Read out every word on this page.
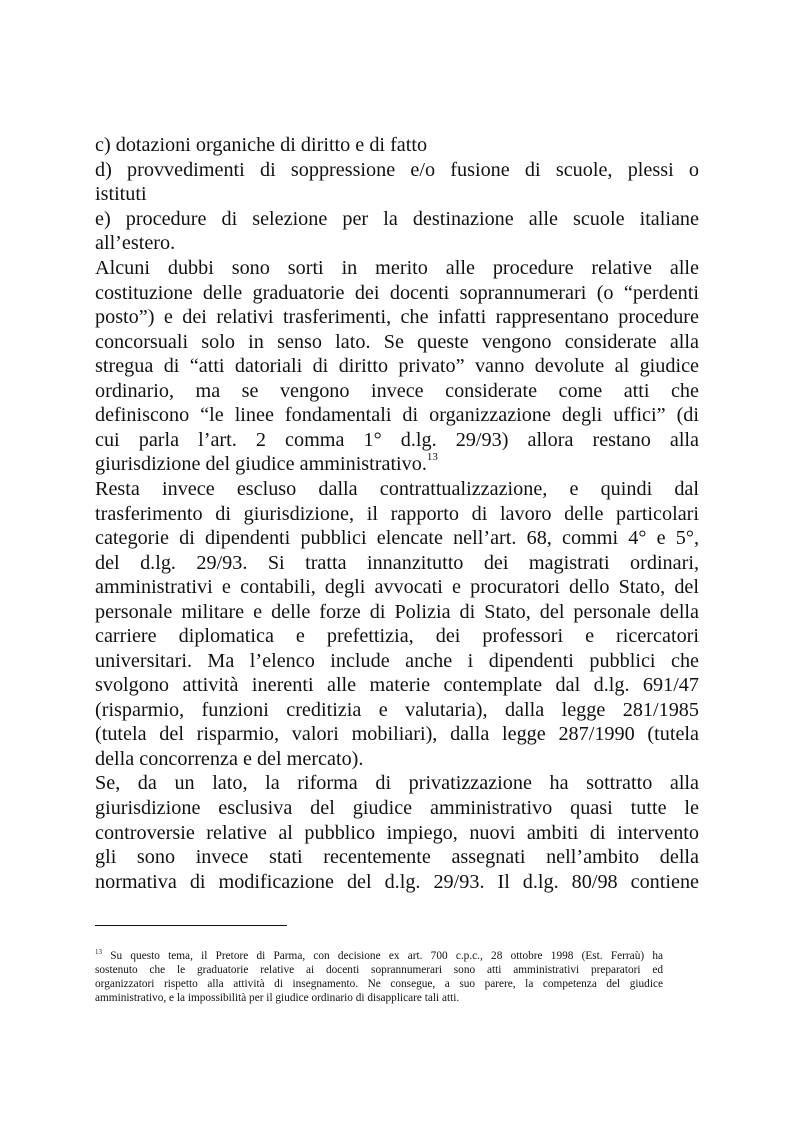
c) dotazioni organiche di diritto e di fatto
d) provvedimenti di soppressione e/o fusione di scuole, plessi o
istituti
e) procedure di selezione per la destinazione alle scuole italiane
all’estero.
Alcuni dubbi sono sorti in merito alle procedure relative alle
costituzione delle graduatorie dei docenti soprannumerari (o “perdenti
posto”) e dei relativi trasferimenti, che infatti rappresentano procedure
concorsuali solo in senso lato. Se queste vengono considerate alla
stregua di “atti datoriali di diritto privato” vanno devolute al giudice
ordinario, ma se vengono invece considerate come atti che
definiscono “le linee fondamentali di organizzazione degli uffici” (di
cui parla l’art. 2 comma 1° d.lg. 29/93) allora restano alla
giurisdizione del giudice amministrativo.$^{13}$
Resta invece escluso dalla contrattualizzazione, e quindi dal
trasferimento di giurisdizione, il rapporto di lavoro delle particolari
categorie di dipendenti pubblici elencate nell’art. 68, commi 4° e 5°,
del d.lg. 29/93. Si tratta innanzitutto dei magistrati ordinari,
amministrativi e contabili, degli avvocati e procuratori dello Stato, del
personale militare e delle forze di Polizia di Stato, del personale della
carriere diplomatica e prefettizia, dei professori e ricercatori
universitari. Ma l’elenco include anche i dipendenti pubblici che
svolgono attività inerenti alle materie contemplate dal d.lg. 691/47
(risparmio, funzioni creditizia e valutaria), dalla legge 281/1985
(tutela del risparmio, valori mobiliari), dalla legge 287/1990 (tutela
della concorrenza e del mercato).
Se, da un lato, la riforma di privatizzazione ha sottratto alla
giurisdizione esclusiva del giudice amministrativo quasi tutte le
controversie relative al pubblico impiego, nuovi ambiti di intervento
gli sono invece stati recentemente assegnati nell’ambito della
normativa di modificazione del d.lg. 29/93. Il d.lg. 80/98 contiene
$^{13}$ Su questo tema, il Pretore di Parma, con decisione ex art. 700 c.p.c., 28 ottobre 1998 (Est. Ferraù) ha
sostenuto che le graduatorie relative ai docenti soprannumerari sono atti amministrativi preparatori ed
organizzatori rispetto alla attività di insegnamento. Ne consegue, a suo parere, la competenza del giudice
amministrativo, e la impossibilità per il giudice ordinario di disapplicare tali atti.
